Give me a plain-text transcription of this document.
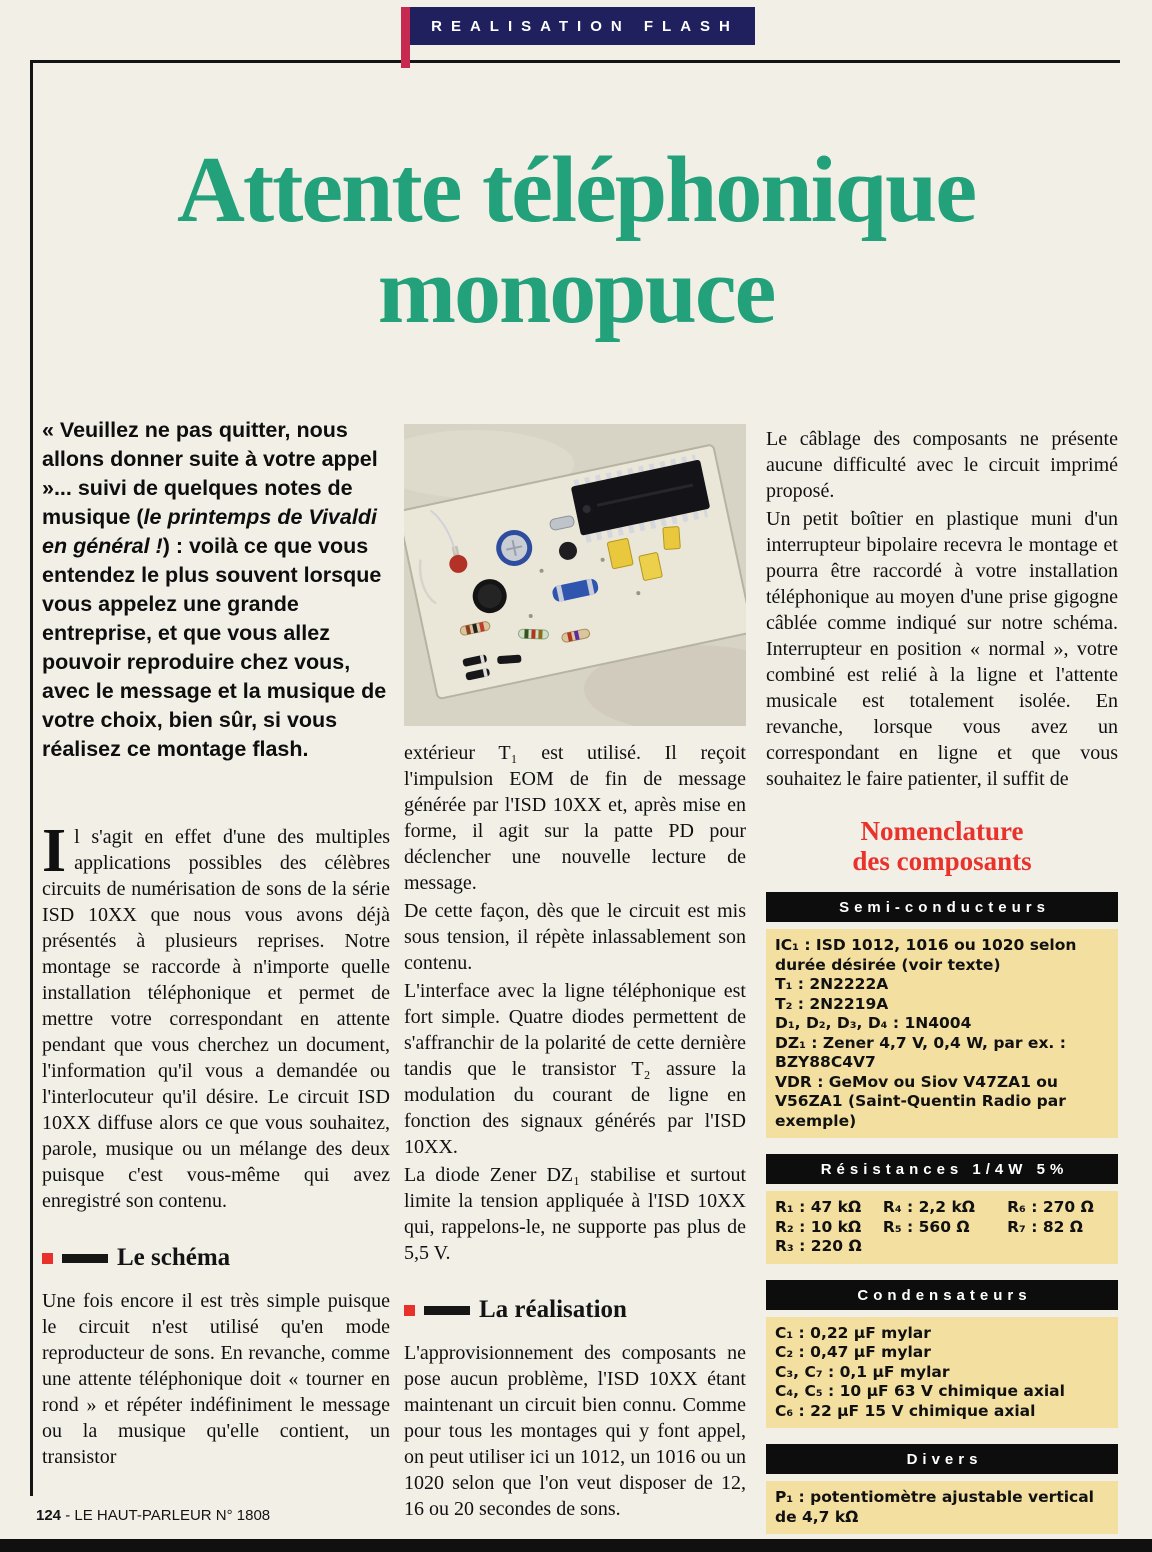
REALISATION FLASH
Attente téléphonique
monopuce

« Veuillez ne pas quitter, nous allons donner suite à votre appel »... suivi de quelques notes de musique (le printemps de Vivaldi en général !) : voilà ce que vous entendez le plus souvent lorsque vous appelez une grande entreprise, et que vous allez pouvoir reproduire chez vous, avec le message et la musique de votre choix, bien sûr, si vous réalisez ce montage flash.

Il s'agit en effet d'une des multiples applications possibles des célèbres circuits de numérisation de sons de la série ISD 10XX que nous vous avons déjà présentés à plusieurs reprises. Notre montage se raccorde à n'importe quelle installation téléphonique et permet de mettre votre correspondant en attente pendant que vous cherchez un document, l'information qu'il vous a demandée ou l'interlocuteur qu'il désire. Le circuit ISD 10XX diffuse alors ce que vous souhaitez, parole, musique ou un mélange des deux puisque c'est vous-même qui avez enregistré son contenu.

Le schéma

Une fois encore il est très simple puisque le circuit n'est utilisé qu'en mode reproducteur de sons. En revanche, comme une attente téléphonique doit « tourner en rond » et répéter indéfiniment le message ou la musique qu'elle contient, un transistor

extérieur T₁ est utilisé. Il reçoit l'impulsion EOM de fin de message générée par l'ISD 10XX et, après mise en forme, il agit sur la patte PD pour déclencher une nouvelle lecture de message.

De cette façon, dès que le circuit est mis sous tension, il répète inlassablement son contenu.

L'interface avec la ligne téléphonique est fort simple. Quatre diodes permettent de s'affranchir de la polarité de cette dernière tandis que le transistor T₂ assure la modulation du courant de ligne en fonction des signaux générés par l'ISD 10XX.

La diode Zener DZ₁ stabilise et surtout limite la tension appliquée à l'ISD 10XX qui, rappelons-le, ne supporte pas plus de 5,5 V.

La réalisation

L'approvisionnement des composants ne pose aucun problème, l'ISD 10XX étant maintenant un circuit bien connu. Comme pour tous les montages qui y font appel, on peut utiliser ici un 1012, un 1016 ou un 1020 selon que l'on veut disposer de 12, 16 ou 20 secondes de sons.

Le câblage des composants ne présente aucune difficulté avec le circuit imprimé proposé.

Un petit boîtier en plastique muni d'un interrupteur bipolaire recevra le montage et pourra être raccordé à votre installation téléphonique au moyen d'une prise gigogne câblée comme indiqué sur notre schéma. Interrupteur en position « normal », votre combiné est relié à la ligne et l'attente musicale est totalement isolée. En revanche, lorsque vous avez un correspondant en ligne et que vous souhaitez le faire patienter, il suffit de

Nomenclature
des composants
Semi-conducteurs
IC₁ : ISD 1012, 1016 ou 1020 selon durée désirée (voir texte)
T₁ : 2N2222A
T₂ : 2N2219A
D₁, D₂, D₃, D₄ : 1N4004
DZ₁ : Zener 4,7 V, 0,4 W, par ex. : BZY88C4V7
VDR : GeMov ou Siov V47ZA1 ou V56ZA1 (Saint-Quentin Radio par exemple)
Résistances 1/4W 5%
R₁ : 47 kΩ	R₄ : 2,2 kΩ	R₆ : 270 Ω
R₂ : 10 kΩ	R₅ : 560 Ω	R₇ : 82 Ω
R₃ : 220 Ω
Condensateurs
C₁ : 0,22 µF mylar
C₂ : 0,47 µF mylar
C₃, C₇ : 0,1 µF mylar
C₄, C₅ : 10 µF 63 V chimique axial
C₆ : 22 µF 15 V chimique axial
Divers
P₁ : potentiomètre ajustable vertical de 4,7 kΩ
124 - LE HAUT-PARLEUR N° 1808
